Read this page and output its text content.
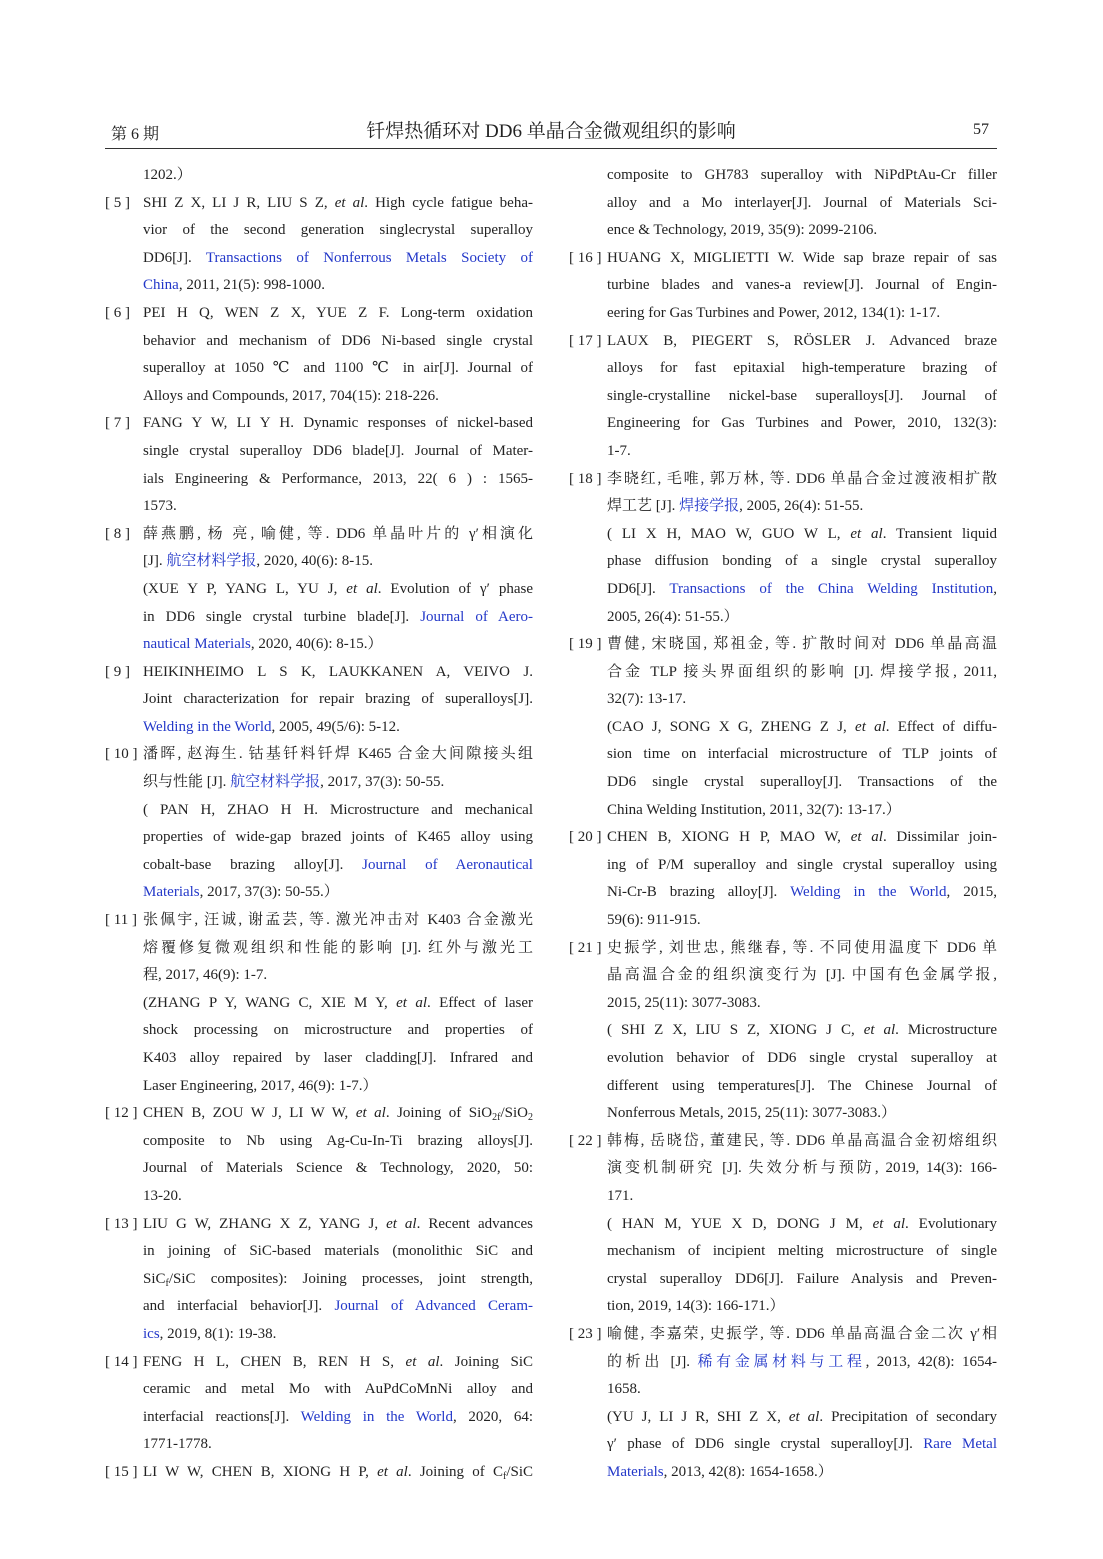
第 6 期	钎焊热循环对 DD6 单晶合金微观组织的影响	57
1202.）
[ 5 ] SHI Z X, LI J R, LIU S Z, et al. High cycle fatigue beha-
vior of the second generation singlecrystal superalloy
DD6[J]. Transactions of Nonferrous Metals Society of
China, 2011, 21(5): 998-1000.
[ 6 ] PEI H Q, WEN Z X, YUE Z F. Long-term oxidation
behavior and mechanism of DD6 Ni-based single crystal
superalloy at 1050 ℃ and 1100 ℃ in air[J]. Journal of
Alloys and Compounds, 2017, 704(15): 218-226.
[ 7 ] FANG Y W, LI Y H. Dynamic responses of nickel-based
single crystal superalloy DD6 blade[J]. Journal of Mater-
ials Engineering & Performance, 2013, 22( 6 ) : 1565-
1573.
[ 8 ] 薛燕鹏, 杨 亮, 喻健, 等. DD6 单晶叶片的 γ′相演化
[J]. 航空材料学报, 2020, 40(6): 8-15.
(XUE Y P, YANG L, YU J, et al. Evolution of γ′ phase
in DD6 single crystal turbine blade[J]. Journal of Aero-
nautical Materials, 2020, 40(6): 8-15.）
[ 9 ] HEIKINHEIMO L S K, LAUKKANEN A, VEIVO J.
Joint characterization for repair brazing of superalloys[J].
Welding in the World, 2005, 49(5/6): 5-12.
[ 10 ] 潘晖, 赵海生. 钴基钎料钎焊 K465 合金大间隙接头组
织与性能 [J]. 航空材料学报, 2017, 37(3): 50-55.
( PAN H, ZHAO H H. Microstructure and mechanical
properties of wide-gap brazed joints of K465 alloy using
cobalt-base brazing alloy[J]. Journal of Aeronautical
Materials, 2017, 37(3): 50-55.）
[ 11 ] 张佩宇, 汪诚, 谢孟芸, 等. 激光冲击对 K403 合金激光
熔覆修复微观组织和性能的影响 [J]. 红外与激光工
程, 2017, 46(9): 1-7.
(ZHANG P Y, WANG C, XIE M Y, et al. Effect of laser
shock processing on microstructure and properties of
K403 alloy repaired by laser cladding[J]. Infrared and
Laser Engineering, 2017, 46(9): 1-7.）
[ 12 ] CHEN B, ZOU W J, LI W W, et al. Joining of SiO$_{2f}$/SiO$_2$
composite to Nb using Ag-Cu-In-Ti brazing alloys[J].
Journal of Materials Science & Technology, 2020, 50:
13-20.
[ 13 ] LIU G W, ZHANG X Z, YANG J, et al. Recent advances
in joining of SiC-based materials (monolithic SiC and
SiC$_f$/SiC composites): Joining processes, joint strength,
and interfacial behavior[J]. Journal of Advanced Ceram-
ics, 2019, 8(1): 19-38.
[ 14 ] FENG H L, CHEN B, REN H S, et al. Joining SiC
ceramic and metal Mo with AuPdCoMnNi alloy and
interfacial reactions[J]. Welding in the World, 2020, 64:
1771-1778.
[ 15 ] LI W W, CHEN B, XIONG H P, et al. Joining of $C_f$/SiC
composite to GH783 superalloy with NiPdPtAu-Cr filler
alloy and a Mo interlayer[J]. Journal of Materials Sci-
ence & Technology, 2019, 35(9): 2099-2106.
[ 16 ] HUANG X, MIGLIETTI W. Wide sap braze repair of sas
turbine blades and vanes-a review[J]. Journal of Engin-
eering for Gas Turbines and Power, 2012, 134(1): 1-17.
[ 17 ] LAUX B, PIEGERT S, RÖSLER J. Advanced braze
alloys for fast epitaxial high-temperature brazing of
single-crystalline nickel-base superalloys[J]. Journal of
Engineering for Gas Turbines and Power, 2010, 132(3):
1-7.
[ 18 ] 李晓红, 毛唯, 郭万林, 等. DD6 单晶合金过渡液相扩散
焊工艺 [J]. 焊接学报, 2005, 26(4): 51-55.
( LI X H, MAO W, GUO W L, et al. Transient liquid
phase diffusion bonding of a single crystal superalloy
DD6[J]. Transactions of the China Welding Institution,
2005, 26(4): 51-55.）
[ 19 ] 曹健, 宋晓国, 郑祖金, 等. 扩散时间对 DD6 单晶高温
合金 TLP 接头界面组织的影响 [J]. 焊接学报, 2011,
32(7): 13-17.
(CAO J, SONG X G, ZHENG Z J, et al. Effect of diffu-
sion time on interfacial microstructure of TLP joints of
DD6 single crystal superalloy[J]. Transactions of the
China Welding Institution, 2011, 32(7): 13-17.）
[ 20 ] CHEN B, XIONG H P, MAO W, et al. Dissimilar join-
ing of P/M superalloy and single crystal superalloy using
Ni-Cr-B brazing alloy[J]. Welding in the World, 2015,
59(6): 911-915.
[ 21 ] 史振学, 刘世忠, 熊继春, 等. 不同使用温度下 DD6 单
晶高温合金的组织演变行为 [J]. 中国有色金属学报,
2015, 25(11): 3077-3083.
( SHI Z X, LIU S Z, XIONG J C, et al. Microstructure
evolution behavior of DD6 single crystal superalloy at
different using temperatures[J]. The Chinese Journal of
Nonferrous Metals, 2015, 25(11): 3077-3083.）
[ 22 ] 韩梅, 岳晓岱, 董建民, 等. DD6 单晶高温合金初熔组织
演变机制研究 [J]. 失效分析与预防, 2019, 14(3): 166-
171.
( HAN M, YUE X D, DONG J M, et al. Evolutionary
mechanism of incipient melting microstructure of single
crystal superalloy DD6[J]. Failure Analysis and Preven-
tion, 2019, 14(3): 166-171.）
[ 23 ] 喻健, 李嘉荣, 史振学, 等. DD6 单晶高温合金二次 γ′相
的析出 [J]. 稀有金属材料与工程, 2013, 42(8): 1654-
1658.
(YU J, LI J R, SHI Z X, et al. Precipitation of secondary
γ′ phase of DD6 single crystal superalloy[J]. Rare Metal
Materials, 2013, 42(8): 1654-1658.）
